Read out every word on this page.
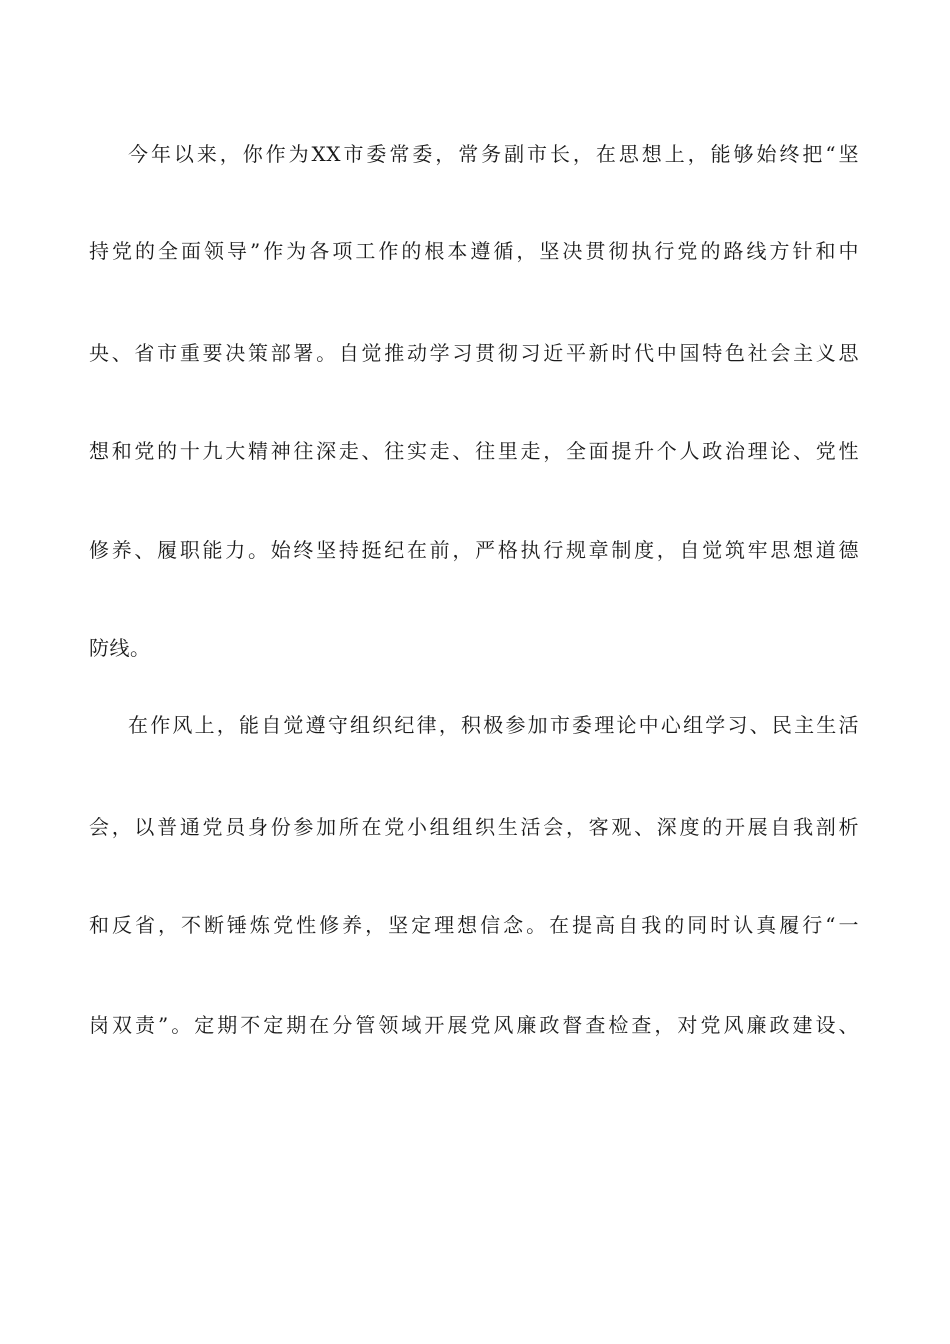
今年以来，你作为XX市委常委，常务副市长，在思想上，能够始终把“坚
持党的全面领导”作为各项工作的根本遵循，坚决贯彻执行党的路线方针和中
央、省市重要决策部署。自觉推动学习贯彻习近平新时代中国特色社会主义思
想和党的十九大精神往深走、往实走、往里走，全面提升个人政治理论、党性
修养、履职能力。始终坚持挺纪在前，严格执行规章制度，自觉筑牢思想道德
防线。
在作风上，能自觉遵守组织纪律，积极参加市委理论中心组学习、民主生活
会，以普通党员身份参加所在党小组组织生活会，客观、深度的开展自我剖析
和反省，不断锤炼党性修养，坚定理想信念。在提高自我的同时认真履行“一
岗双责”。定期不定期在分管领域开展党风廉政督查检查，对党风廉政建设、
